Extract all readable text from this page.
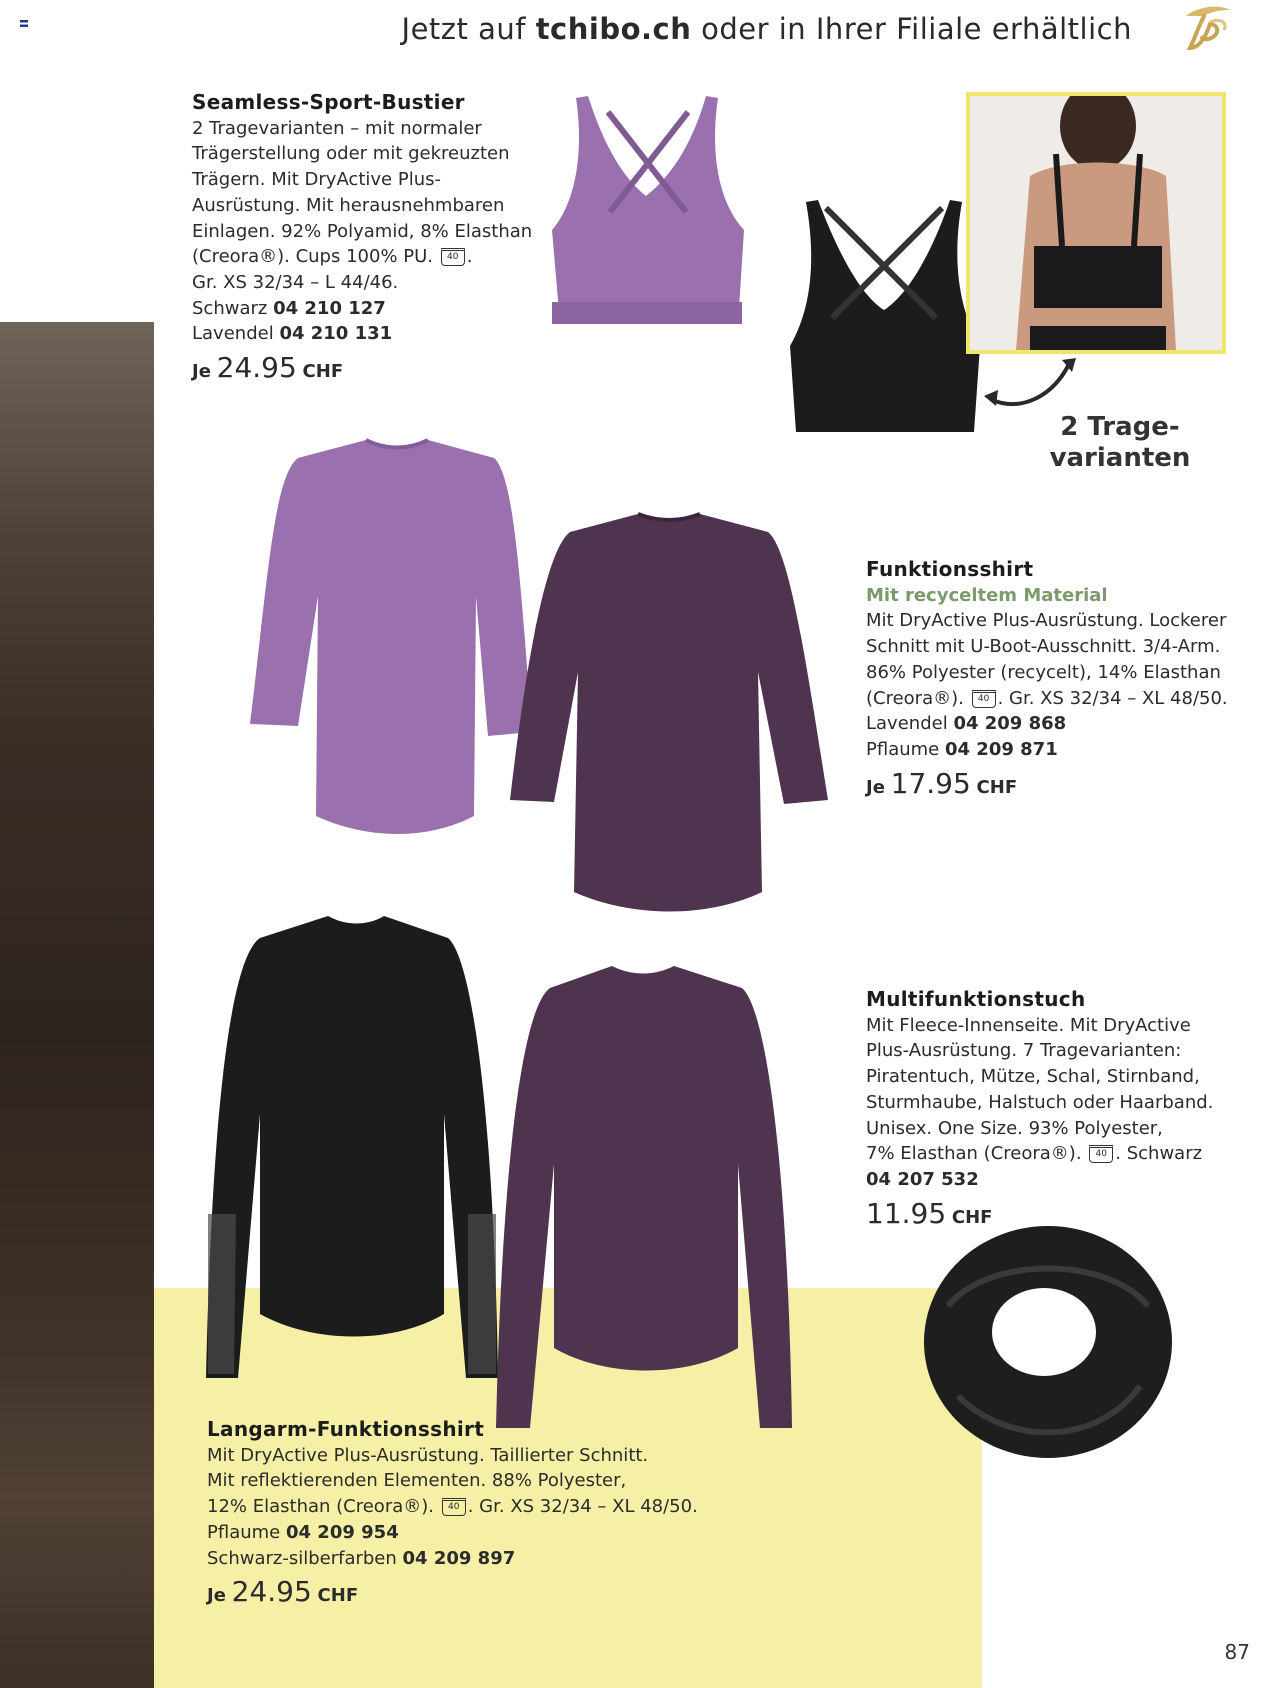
Jetzt auf tchibo.ch oder in Ihrer Filiale erhältlich
Seamless-Sport-Bustier
2 Tragevarianten – mit normaler
Trägerstellung oder mit gekreuzten
Trägern. Mit DryActive Plus-
Ausrüstung. Mit herausnehmbaren
Einlagen. 92% Polyamid, 8% Elasthan
(Creora®). Cups 100% PU. 40 .
Gr. XS 32/34 – L 44/46.
Schwarz 04 210 127
Lavendel 04 210 131
Je 24.95 CHF
2 Trage-
varianten
Funktionsshirt
Mit recyceltem Material
Mit DryActive Plus-Ausrüstung. Lockerer
Schnitt mit U-Boot-Ausschnitt. 3/4-Arm.
86% Polyester (recycelt), 14% Elasthan
(Creora®). 40 . Gr. XS 32/34 – XL 48/50.
Lavendel 04 209 868
Pflaume 04 209 871
Je 17.95 CHF
Multifunktionstuch
Mit Fleece-Innenseite. Mit DryActive
Plus-Ausrüstung. 7 Tragevarianten:
Piratentuch, Mütze, Schal, Stirnband,
Sturmhaube, Halstuch oder Haarband.
Unisex. One Size. 93% Polyester,
7% Elasthan (Creora®). 40 . Schwarz
04 207 532
11.95 CHF
Langarm-Funktionsshirt
Mit DryActive Plus-Ausrüstung. Taillierter Schnitt.
Mit reflektierenden Elementen. 88% Polyester,
12% Elasthan (Creora®). 40 . Gr. XS 32/34 – XL 48/50.
Pflaume 04 209 954
Schwarz-silberfarben 04 209 897
Je 24.95 CHF
87
